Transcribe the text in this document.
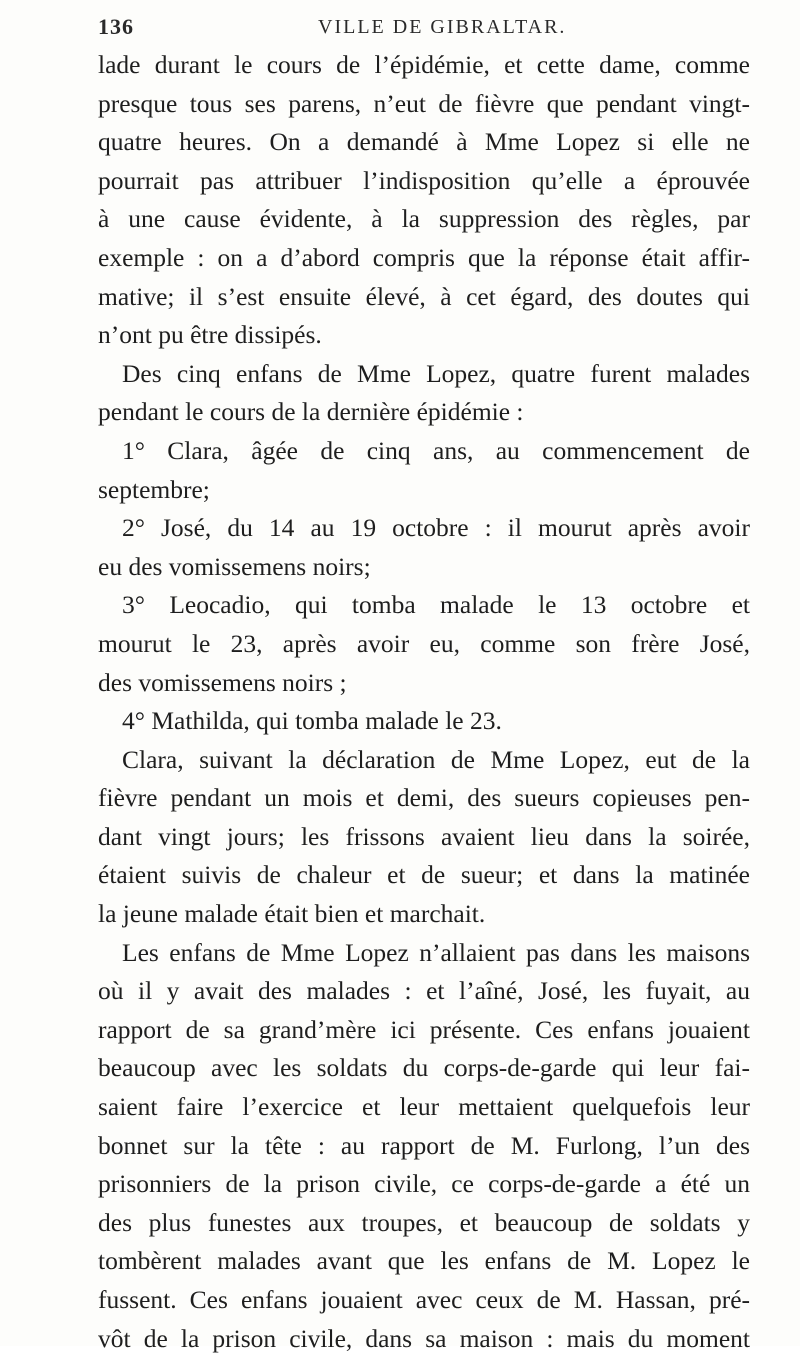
136	VILLE DE GIBRALTAR.
lade durant le cours de l’épidémie, et cette dame, comme
presque tous ses parens, n’eut de fièvre que pendant vingt-
quatre heures. On a demandé à Mme Lopez si elle ne
pourrait pas attribuer l’indisposition qu’elle a éprouvée
à une cause évidente, à la suppression des règles, par
exemple : on a d’abord compris que la réponse était affir-
mative; il s’est ensuite élevé, à cet égard, des doutes qui
n’ont pu être dissipés.
Des cinq enfans de Mme Lopez, quatre furent malades
pendant le cours de la dernière épidémie :
1° Clara, âgée de cinq ans, au commencement de
septembre;
2° José, du 14 au 19 octobre : il mourut après avoir
eu des vomissemens noirs;
3° Leocadio, qui tomba malade le 13 octobre et
mourut le 23, après avoir eu, comme son frère José,
des vomissemens noirs ;
4° Mathilda, qui tomba malade le 23.
Clara, suivant la déclaration de Mme Lopez, eut de la
fièvre pendant un mois et demi, des sueurs copieuses pen-
dant vingt jours; les frissons avaient lieu dans la soirée,
étaient suivis de chaleur et de sueur; et dans la matinée
la jeune malade était bien et marchait.
Les enfans de Mme Lopez n’allaient pas dans les maisons
où il y avait des malades : et l’aîné, José, les fuyait, au
rapport de sa grand’mère ici présente. Ces enfans jouaient
beaucoup avec les soldats du corps-de-garde qui leur fai-
saient faire l’exercice et leur mettaient quelquefois leur
bonnet sur la tête : au rapport de M. Furlong, l’un des
prisonniers de la prison civile, ce corps-de-garde a été un
des plus funestes aux troupes, et beaucoup de soldats y
tombèrent malades avant que les enfans de M. Lopez le
fussent. Ces enfans jouaient avec ceux de M. Hassan, pré-
vôt de la prison civile, dans sa maison : mais du moment
